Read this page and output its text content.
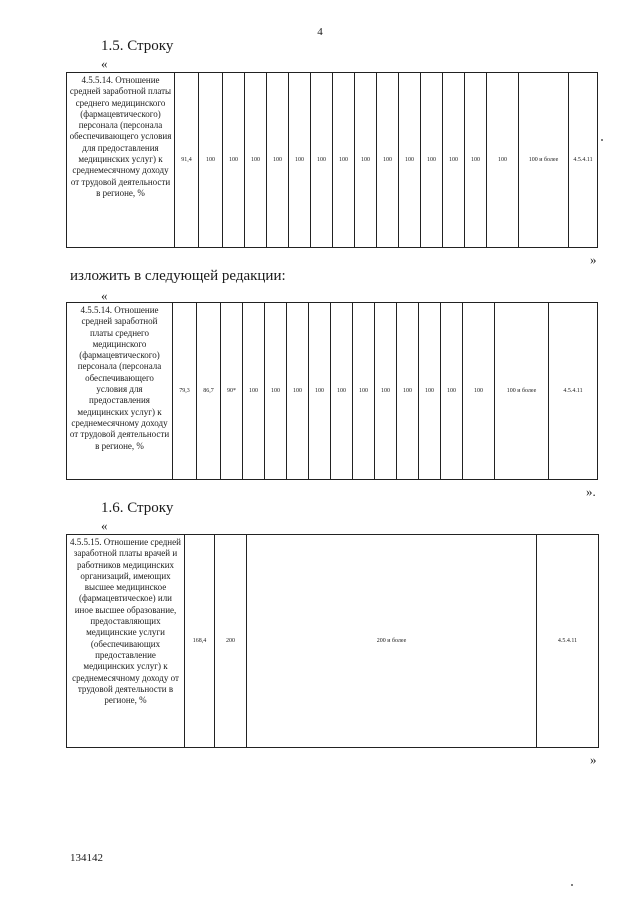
4
1.5. Строку
«
4.5.5.14. Отношение средней заработной платы среднего медицинского (фармацевтического) персонала (персонала обеспечивающего условия для предоставления медицинских услуг) к среднемесячному доходу от трудовой деятельности в регионе, %	91,4	100	100	100	100	100	100	100	100	100	100	100	100	100	100	100 и более	4.5.4.11
»
изложить в следующей редакции:
«
4.5.5.14. Отношение средней заработной платы среднего медицинского (фармацевтического) персонала (персонала обеспечивающего условия для предоставления медицинских услуг) к среднемесячному доходу от трудовой деятельности в регионе, %	79,3	86,7	90*	100	100	100	100	100	100	100	100	100	100	100	100 и более	4.5.4.11
».
1.6. Строку
«
4.5.5.15. Отношение средней заработной платы врачей и работников медицинских организаций, имеющих высшее медицинское (фармацевтическое) или иное высшее образование, предоставляющих медицинские услуги (обеспечивающих предоставление медицинских услуг) к среднемесячному доходу от трудовой деятельности в регионе, %	168,4	200	200 и более	4.5.4.11
»
134142
